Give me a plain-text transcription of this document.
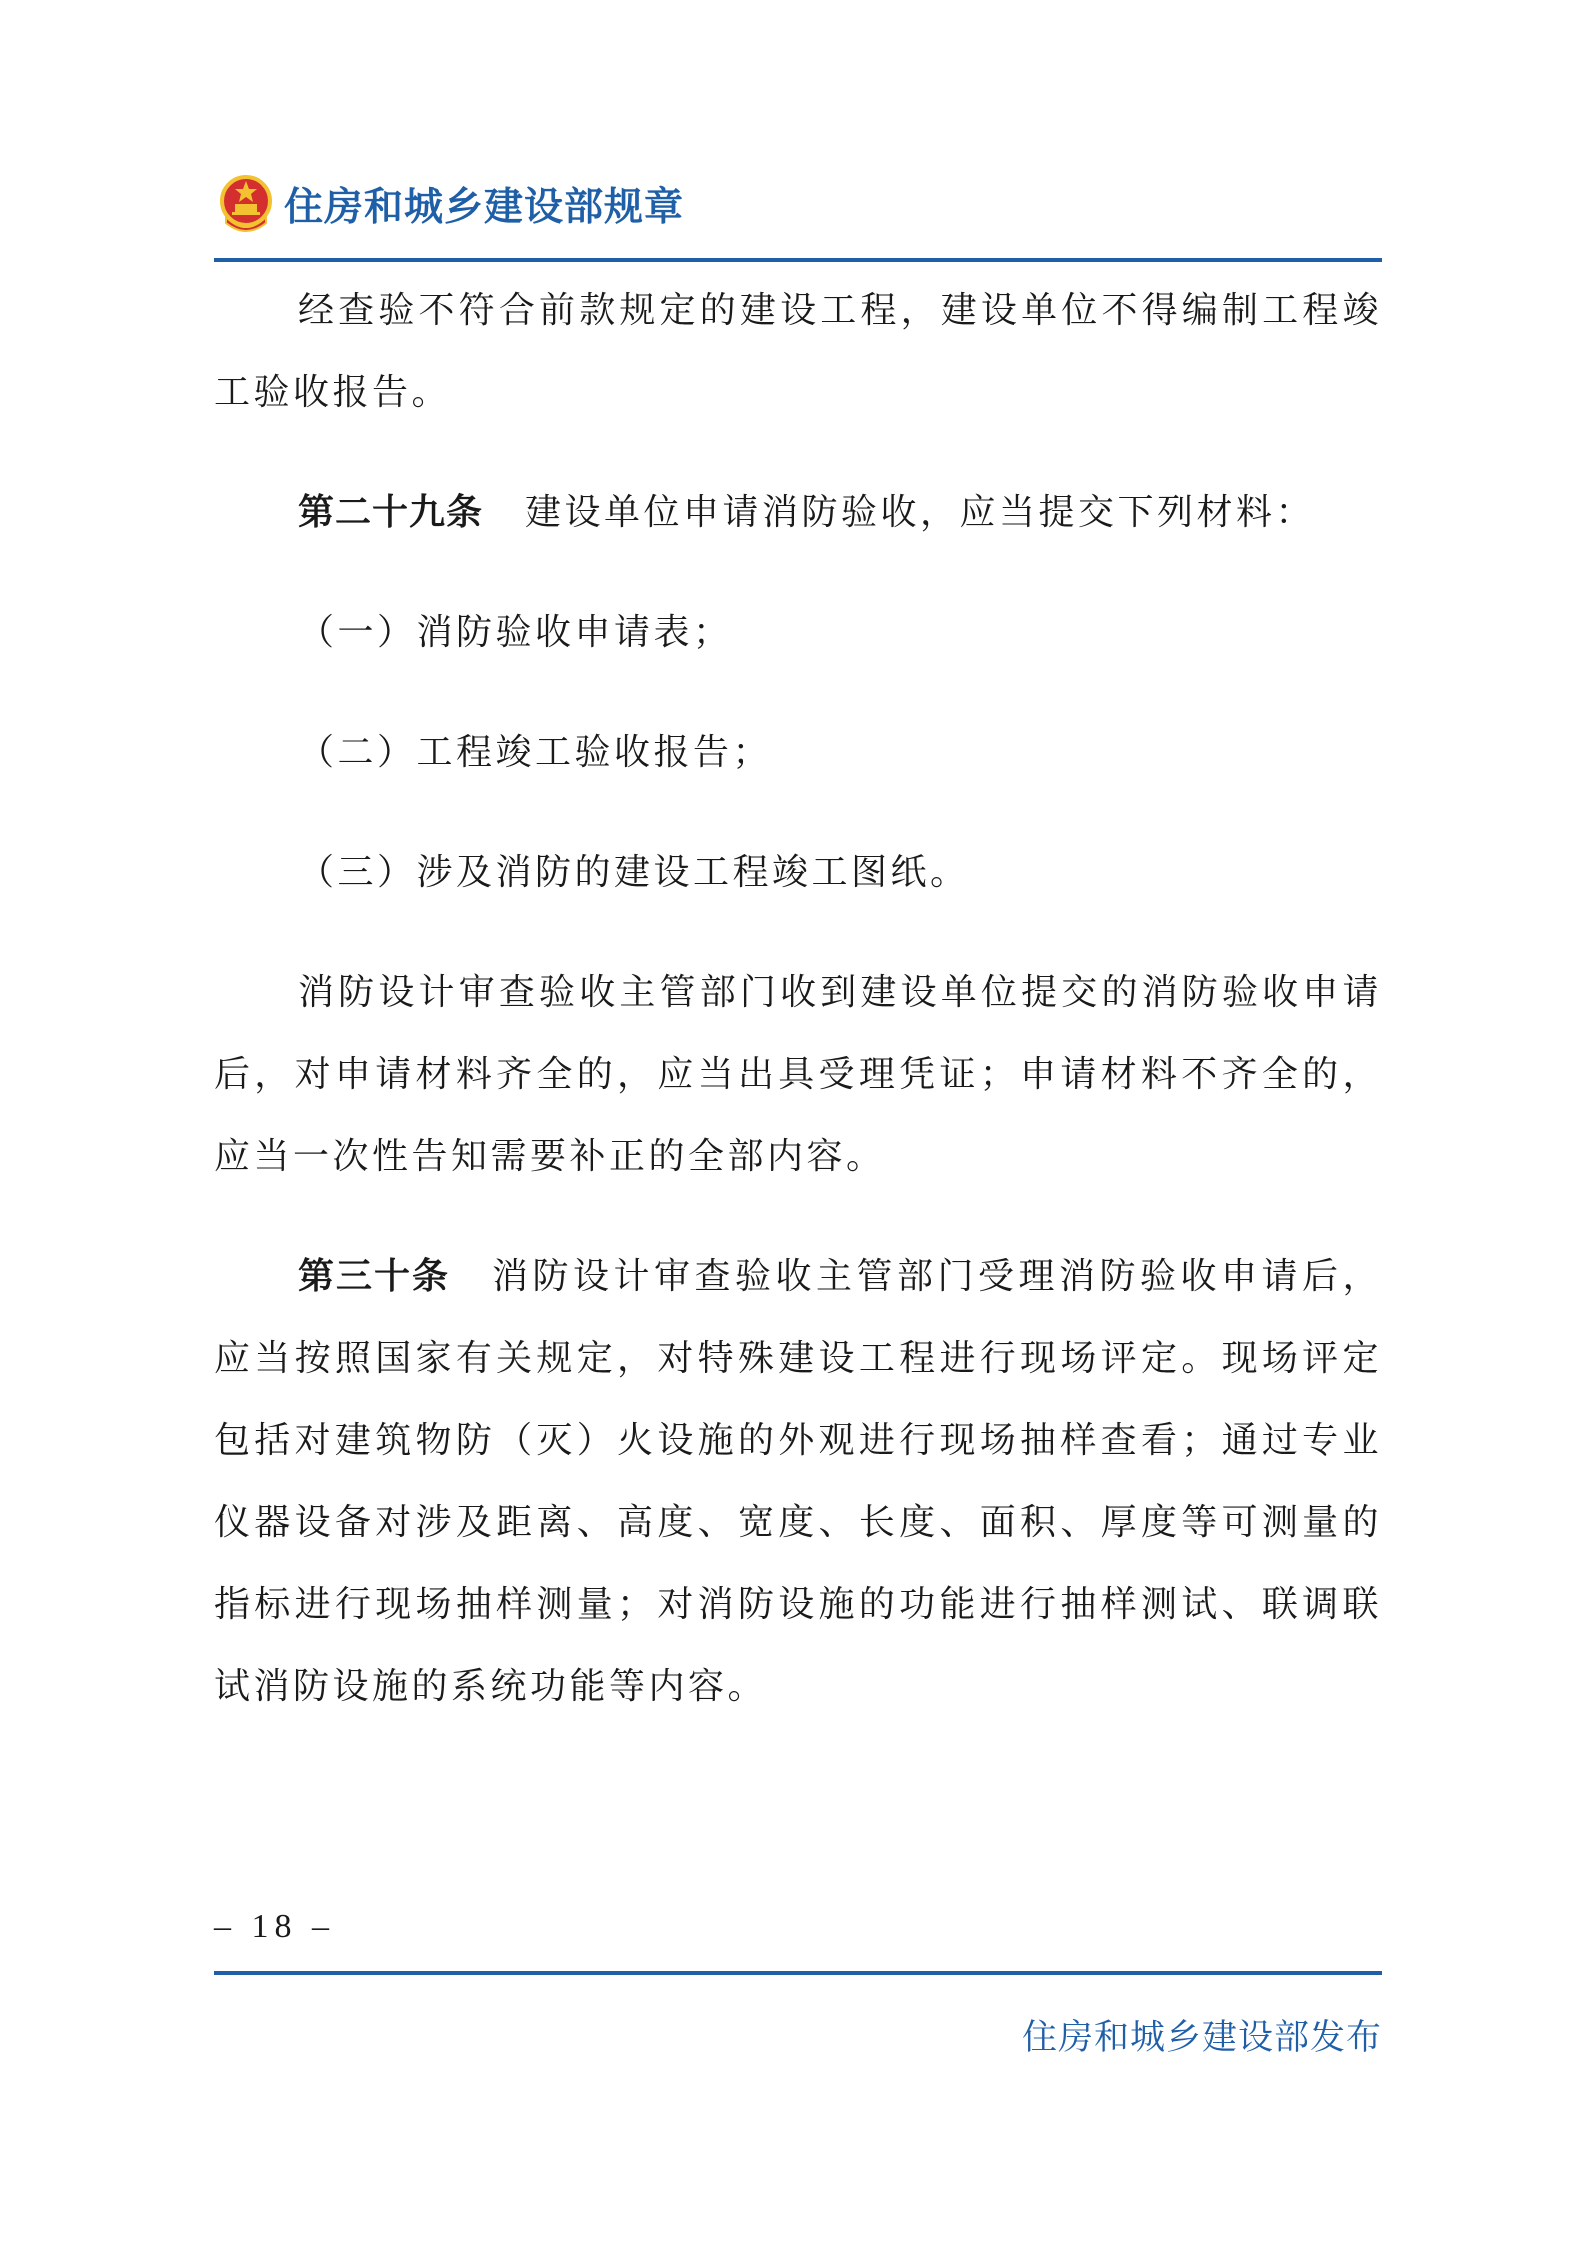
住房和城乡建设部规章

经查验不符合前款规定的建设工程，建设单位不得编制工程竣工验收报告。

第二十九条 建设单位申请消防验收，应当提交下列材料：

（一）消防验收申请表；

（二）工程竣工验收报告；

（三）涉及消防的建设工程竣工图纸。

消防设计审查验收主管部门收到建设单位提交的消防验收申请后，对申请材料齐全的，应当出具受理凭证；申请材料不齐全的，应当一次性告知需要补正的全部内容。

第三十条 消防设计审查验收主管部门受理消防验收申请后，应当按照国家有关规定，对特殊建设工程进行现场评定。现场评定包括对建筑物防（灭）火设施的外观进行现场抽样查看；通过专业仪器设备对涉及距离、高度、宽度、长度、面积、厚度等可测量的指标进行现场抽样测量；对消防设施的功能进行抽样测试、联调联试消防设施的系统功能等内容。

– 18 –
住房和城乡建设部发布
